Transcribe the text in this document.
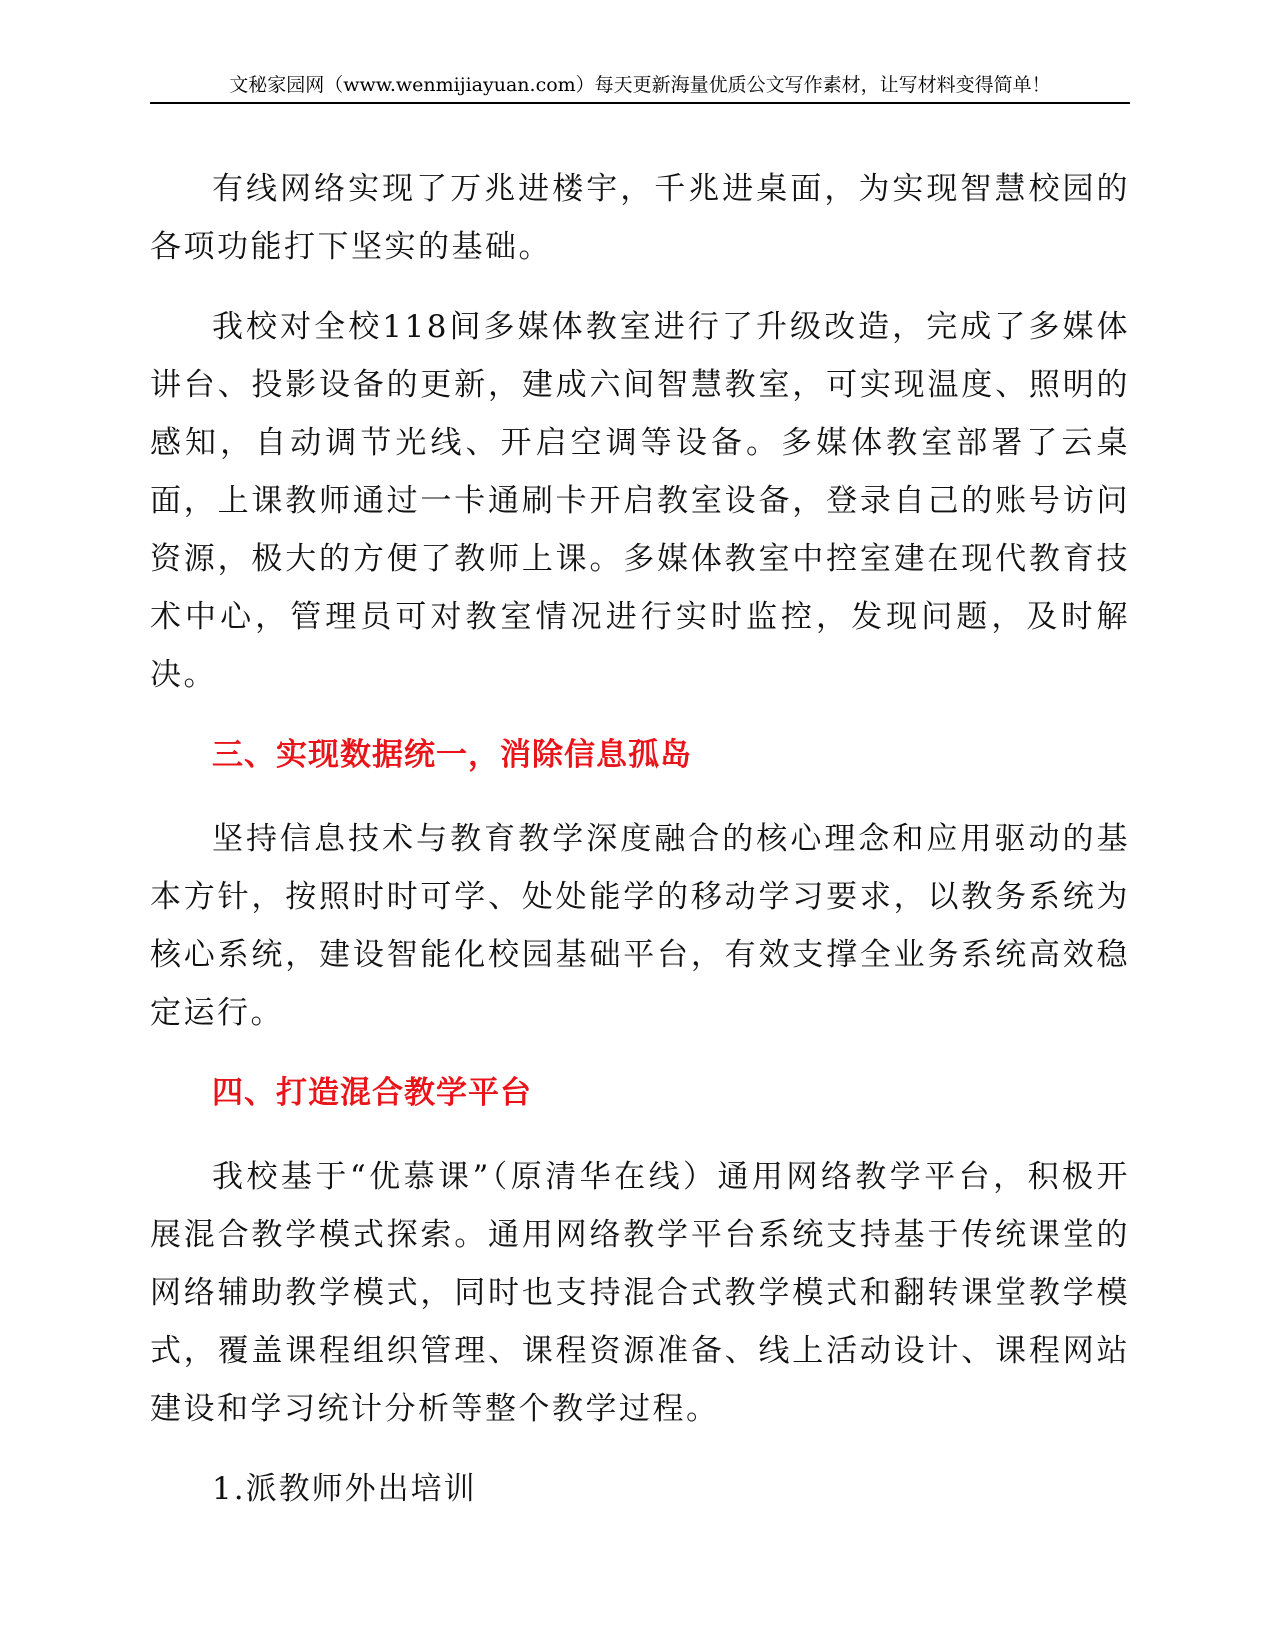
文秘家园网（www.wenmijiayuan.com）每天更新海量优质公文写作素材，让写材料变得简单！

有线网络实现了万兆进楼宇，千兆进桌面，为实现智慧校园的各项功能打下坚实的基础。

我校对全校118间多媒体教室进行了升级改造，完成了多媒体讲台、投影设备的更新，建成六间智慧教室，可实现温度、照明的感知，自动调节光线、开启空调等设备。多媒体教室部署了云桌面，上课教师通过一卡通刷卡开启教室设备，登录自己的账号访问资源，极大的方便了教师上课。多媒体教室中控室建在现代教育技术中心，管理员可对教室情况进行实时监控，发现问题，及时解决。

三、实现数据统一，消除信息孤岛

坚持信息技术与教育教学深度融合的核心理念和应用驱动的基本方针，按照时时可学、处处能学的移动学习要求，以教务系统为核心系统，建设智能化校园基础平台，有效支撑全业务系统高效稳定运行。

四、打造混合教学平台

我校基于“优慕课”（原清华在线）通用网络教学平台，积极开展混合教学模式探索。通用网络教学平台系统支持基于传统课堂的网络辅助教学模式，同时也支持混合式教学模式和翻转课堂教学模式，覆盖课程组织管理、课程资源准备、线上活动设计、课程网站建设和学习统计分析等整个教学过程。

1.派教师外出培训
